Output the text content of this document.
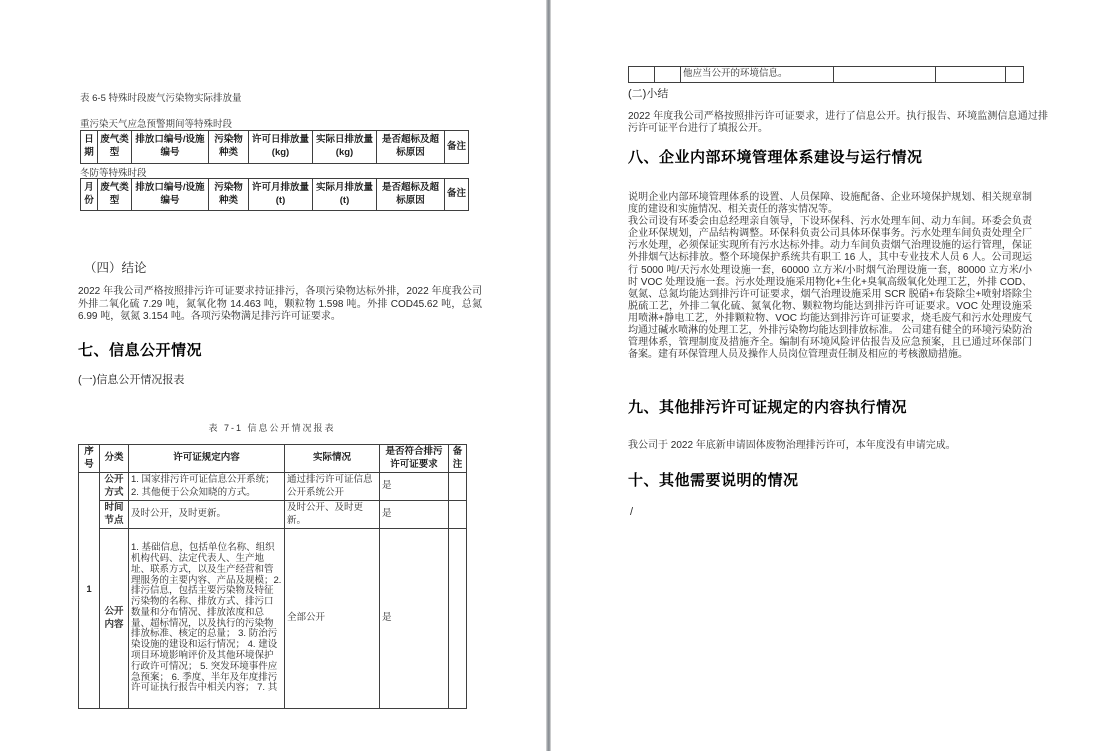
表 6-5 特殊时段废气污染物实际排放量
重污染天气应急预警期间等特殊时段
日期	废气类型	排放口编号/设施编号	污染物种类	许可日排放量(kg)	实际日排放量(kg)	是否超标及超标原因	备注
冬防等特殊时段
月份	废气类型	排放口编号/设施编号	污染物种类	许可月排放量(t)	实际月排放量(t)	是否超标及超标原因	备注
（四）结论
2022 年我公司严格按照排污许可证要求持证排污，各项污染物达标外排，2022 年度我公司外排二氧化硫 7.29 吨，氮氧化物 14.463 吨，颗粒物 1.598 吨。外排 COD45.62 吨，总氮 6.99 吨，氨氮 3.154 吨。各项污染物满足排污许可证要求。
七、信息公开情况
(一)信息公开情况报表
表 7-1 信息公开情况报表
序号	分类	许可证规定内容	实际情况	是否符合排污许可证要求	备注
1	公开方式	1. 国家排污许可证信息公开系统；2. 其他便于公众知晓的方式。	通过排污许可证信息公开系统公开	是	
	时间节点	及时公开，及时更新。	及时公开、及时更新。	是	
	公开内容	1. 基础信息，包括单位名称、组织机构代码、法定代表人、生产地址、联系方式，以及生产经营和管理服务的主要内容、产品及规模；2. 排污信息，包括主要污染物及特征污染物的名称、排放方式、排污口数量和分布情况、排放浓度和总量、超标情况，以及执行的污染物排放标准、核定的总量； 3. 防治污染设施的建设和运行情况； 4. 建设项目环境影响评价及其他环境保护行政许可情况； 5. 突发环境事件应急预案； 6. 季度、半年及年度排污许可证执行报告中相关内容； 7. 其	全部公开	是	
		他应当公开的环境信息。			
(二)小结
2022 年度我公司严格按照排污许可证要求，进行了信息公开。执行报告、环境监测信息通过排污许可证平台进行了填报公开。
八、企业内部环境管理体系建设与运行情况
说明企业内部环境管理体系的设置、人员保障、设施配备、企业环境保护规划、相关规章制度的建设和实施情况、相关责任的落实情况等。
我公司设有环委会由总经理亲自领导，下设环保科、污水处理车间、动力车间。环委会负责企业环保规划，产品结构调整。环保科负责公司具体环保事务。污水处理车间负责处理全厂污水处理，必须保证实现所有污水达标外排。动力车间负责烟气治理设施的运行管理，保证外排烟气达标排放。整个环境保护系统共有职工 16 人，其中专业技术人员 6 人。公司现运行 5000 吨/天污水处理设施一套，60000 立方米/小时烟气治理设施一套，80000 立方米/小时 VOC 处理设施一套。污水处理设施采用物化+生化+臭氧高级氧化处理工艺，外排 COD、氨氮、总氮均能达到排污许可证要求，烟气治理设施采用 SCR 脱硝+布袋除尘+喷射塔除尘脱硫工艺，外排二氧化硫、氮氧化物、颗粒物均能达到排污许可证要求。VOC 处理设施采用喷淋+静电工艺，外排颗粒物、VOC 均能达到排污许可证要求，烧毛废气和污水处理废气均通过碱水喷淋的处理工艺，外排污染物均能达到排放标准。 公司建有健全的环境污染防治管理体系，管理制度及措施齐全。编制有环境风险评估报告及应急预案，且已通过环保部门备案。建有环保管理人员及操作人员岗位管理责任制及相应的考核激励措施。
九、其他排污许可证规定的内容执行情况
我公司于 2022 年底新申请固体废物治理排污许可，本年度没有申请完成。
十、其他需要说明的情况
/
